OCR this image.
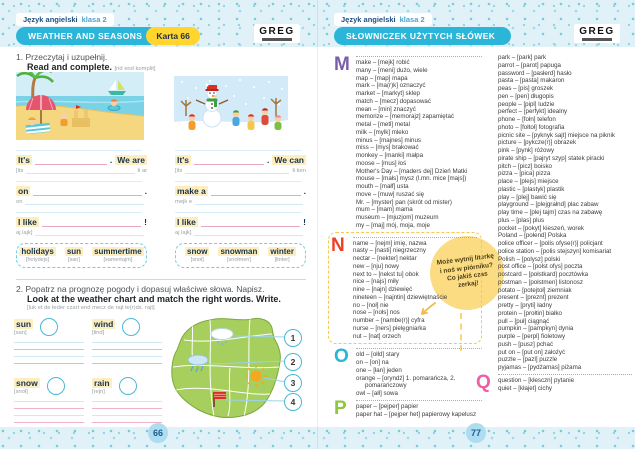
Język angielski klasa 2
WEATHER AND SEASONS	Karta 66	GREG
1. Przeczytaj i uzupełnij.
Read and complete. [rid end komplit]
It's	. We are
[its	łi ar
on	.
on
I like	!
aj lajk]
holidays
[holydejs]
sun
[san]
summertime
[samertajm]
It's	. We can
[its	łi ken
make a	.
mejk e
I like	!
aj lajk]
snow
[snoł]
snowman
[snołmen]
winter
[łinter]
2. Popatrz na prognozę pogody i dopasuj właściwe słowa. Napisz.
Look at the weather chart and match the right words. Write.
[luk et de łeder czart end mecz de rajt łe(r)ds. rajt]
sun
[san]
wind
[łind]
snow
[snoł]
rain
[rejn]
1
2
3
4
66
Język angielski klasa 2
SŁOWNICZEK UŻYTYCH SŁÓWEK	GREG
Może wytnij literkę i noś w piórniku? Co jakiś czas zerkaj!
M make – [mejk] robić
many – [meni] dużo, wiele
map – [map] mapa
mark – [ma(r)k] oznaczyć
market – [markyt] sklep
match – [mecz] dopasować
mean – [min] znaczyć
memorize – [memorajz] zapamiętać
metal – [metl] metal
milk – [mylk] mleko
minus – [majnes] minus
miss – [mys] brakować
monkey – [manki] małpa
moose – [mus] łoś
Mother's Day – [maders dej] Dzień Matki
mouse – [małs] mysz (l.mn. mice [majs])
mouth – [małf] usta
move – [muw] ruszać się
Mr. – [myster] pan (skrót od mister)
mum – [mam] mama
museum – [mjuzjom] muzeum
my – [maj] mój, moja, moje
N	name – [nejm] imię, nazwa
nasty – [nasti] niegrzeczny
nectar – [nekter] nektar
new – [nju] nowy
next to – [nekst tu] obok
nice – [najs] miły
nine – [najn] dziewięć
nineteen – [najntin] dziewiętnaście
no – [noł] nie
nose – [nołs] nos
number – [nambe(r)] cyfra
nurse – [ners] pielęgniarka
nut – [nat] orzech
O	old – [ołld] stary
on – [on] na
one – [łan] jeden
orange – [oryndż] 1. pomarańcza, 2. pomarańczowy
owl – [ałl] sowa
P	paper – [pejper] papier
paper hat – [pejper het] papierowy kapelusz
park – [park] park
parrot – [parot] papuga
password – [pasłerd] hasło
pasta – [pasta] makaron
peas – [pis] groszek
pen – [pen] długopis
people – [pipl] ludzie
perfect – [perfykt] idealny
phone – [fołn] telefon
photo – [fołtoł] fotografia
picnic site – [pyknyk sajt] miejsce na piknik
picture – [pykcze(r)] obrazek
pink – [pynk] różowy
pirate ship – [pajryt szyp] statek piracki
pitch – [picz] boisko
pizza – [pica] pizza
place – [plejs] miejsce
plastic – [plastyk] plastik
play – [plej] bawić się
playground – [plejgrałnd] plac zabaw
play time – [plej tajm] czas na zabawę
plus – [plas] plus
pocket – [pokyt] kieszeń, worek
Poland – [połend] Polska
police officer – [polis ofyse(r)] policjant
police station – [polis stejszyn] komisariat
Polish – [polysz] polski
post office – [połst ofys] poczta
postcard – [połstkard] pocztówka
postman – [połstmen] listonosz
potato – [potejtoł] ziemniak
present – [preznt] prezent
pretty – [pryti] ładny
protein – [prołtin] białko
pull – [puł] ciągnąć
pumpkin – [pampkyn] dynia
purple – [perpl] fioletowy
push – [pusz] pchać
put on – [put on] założyć
puzzle – [pazl] puzzle
pyjamas – [pydżamas] piżama
Q	question – [kłesczn] pytanie
quiet – [kłajet] cichy
77
